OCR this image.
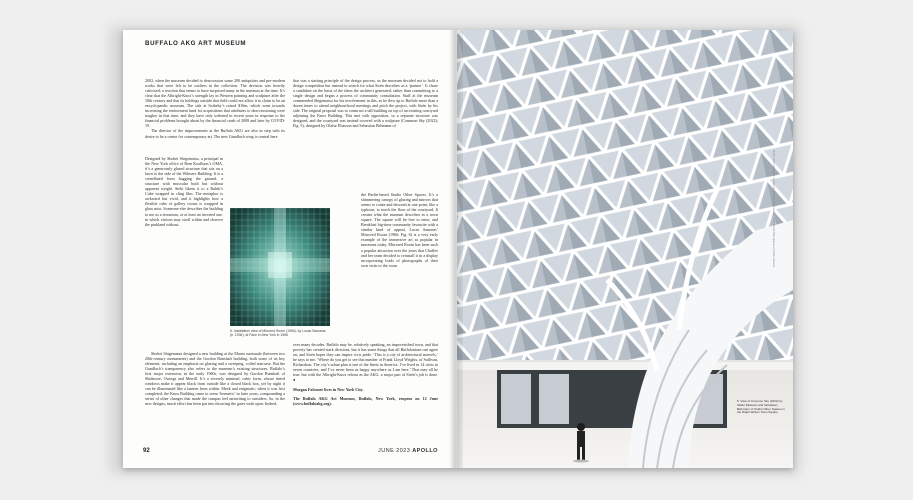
BUFFALO AKG ART MUSEUM

2002, when the museum decided to deaccession some 200 antiquities and pre-modern works that were felt to be outliers in the collection. The decision was heavily criticised; a reaction that seems to have surprised many in the museum at the time. It’s clear that the Albright-Knox’s strength lay in Western painting and sculpture after the 18th century and that its holdings outside that field could not allow it to claim to be an encyclopaedic museum. The sale at Sotheby’s raised $16m, which went towards increasing the endowment fund for acquisitions that attributes to deaccessioning were tougher in that time, and they have only softened in recent years in response to the financial problems brought about by the financial crash of 2008 and later by COVID-19.

The director of the improvements at the Buffalo AKG are also in step with its desire to be a centre for contemporary art. The new Gundlach wing is central here.

Designed by Shohei Shigematsu, a principal in the New York office of Rem Koolhaas’s OMA, it’s a generously glazed structure that sits on a lawn to the side of the Wilmers Building. It is a crenellated form hugging the ground, a structure with muscular built but without apparent weight. Siebi likens it to a Rubik’s Cube wrapped in cling film. The metaphor is awkward but vivid, and it highlights how a flexible cube of gallery rooms is wrapped in glass mist. Someone else describes the building to me as a terrarium, or at least an inverted one, in which visitors may stroll within and observe the parkland without.

Shohei Shigematsu designed a new building at the Museo nazionale (between two 20th-century monuments) and the Gordon Bunshaft building, both some of its key elements, including an emphasis on glazing and a sweeping, coiled staircase. But the Gundlach’s transparency also refers to the museum’s existing structures. Buffalo’s first major extension, in the early 1960s, was designed by Gordon Bunshaft of Skidmore, Owings and Merrill. It’s a severely minimal, cubic form, whose tinted windows make it appear black from outside like a closed black box, yet by night it can be illuminated like a lantern from within. Meek and enigmatic; when it was first completed, the Knox Building came to seem ‘hermetic’ in later years, compounding a series of other changes that made the campus feel uninviting to outsiders. So, in the new designs, much effort has been put into throwing the gates wide open. Indeed,

6. Installation view of Mirrored Room (1966), by Lucas Samaras (b. 1936), at Pace in New York in 1966

that was a starting principle of the design process, as the museum decided not to hold a design competition but instead to search for what Sirén describes as a ‘partner’. It chose a candidate on the basis of the ideas the architect generated, rather than committing to a single design and began a process of community consultation. Staff at the museum commended Shigematsu for his involvement in this, as he flew up to Buffalo more than a dozen times to attend neighbourhood meetings and pitch the project, with Sirén by his side. The original proposal was to construct a tall building on top of an existing courtyard adjoining the Knox Building. This met with opposition, so a separate structure was designed, and the courtyard was instead covered with a sculpture (Common Sky (2022); Fig. 5), designed by Olafur Eliasson and Sebastian Behmann of

the Berlin-based Studio Other Spaces. It’s a shimmering canopy of glazing and mirrors that seems to rotate and descend at one point, like a typhoon, to touch the floor of the courtyard. It creates what the museum describes as a town square. The square will be free to enter, and Breakfast big-time community favourite with a similar kind of appeal, Lucas Samaras’ Mirrored Room (1966; Fig. 6) is a very early example of the immersive art so popular in museums today. Mirrored Room has been such a popular attraction over the years that Chaffee and her team decided to reinstall it in a display incorporating loads of photographs of their own visits to the room

over many decades. Buffalo may be, relatively speaking, an impoverished town, and that poverty has created stark divisions, but it has some things that all Buffalonians can agree on, and Sirén hopes they can inspire civic pride. ‘This is a city of architectural marvels,’ he says to me. ‘Where do you get to see this number of Frank Lloyd Wrights, of Sullivan, Richardson. The city’s urban plan is one of the finest in America. I’ve lived in 14 cities in seven countries, and I’ve never been as happy anywhere as I am here.’ That may all be true, but with the Albright-Knox reborn as the AKG, a major part of Sirén’s job is done. ●

Morgan Falconer lives in New York City.

The Buffalo AKG Art Museum, Buffalo, New York, reopens on 12 June (www.buffaloakg.org).

92	JUNE 2023 APOLLO
Photo: Marco Cappelletti; courtesy Buffalo AKG Art Museum © 2023 Studio Other Spaces and Olafur Eliasson
5. View of Common Sky (2022) by Olafur Eliasson and Sebastian Behmann of Studio Other Spaces in the Ralph Wilson Town Square
